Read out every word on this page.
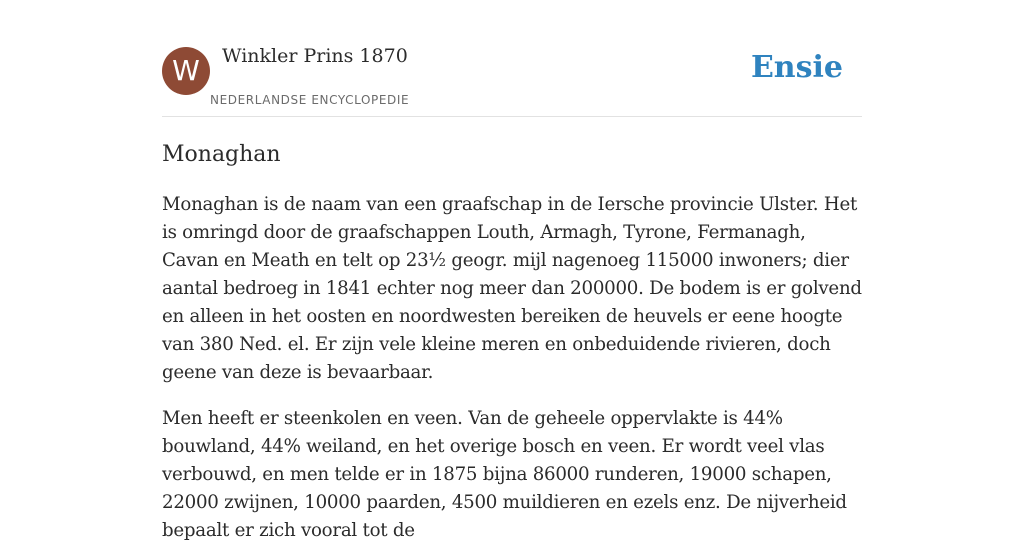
W	Winkler Prins 1870
NEDERLANDSE ENCYCLOPEDIE
Ensie
Monaghan

Monaghan is de naam van een graafschap in de Iersche provincie Ulster. Het is omringd door de graafschappen Louth, Armagh, Tyrone, Fermanagh, Cavan en Meath en telt op 23½ geogr. mijl nagenoeg 115000 inwoners; dier aantal bedroeg in 1841 echter nog meer dan 200000. De bodem is er golvend en alleen in het oosten en noordwesten bereiken de heuvels er eene hoogte van 380 Ned. el. Er zijn vele kleine meren en onbeduidende rivieren, doch geene van deze is bevaarbaar.

Men heeft er steenkolen en veen. Van de geheele oppervlakte is 44% bouwland, 44% weiland, en het overige bosch en veen. Er wordt veel vlas verbouwd, en men telde er in 1875 bijna 86000 runderen, 19000 schapen, 22000 zwijnen, 10000 paarden, 4500 muildieren en ezels enz. De nijverheid bepaalt er zich vooral tot de
